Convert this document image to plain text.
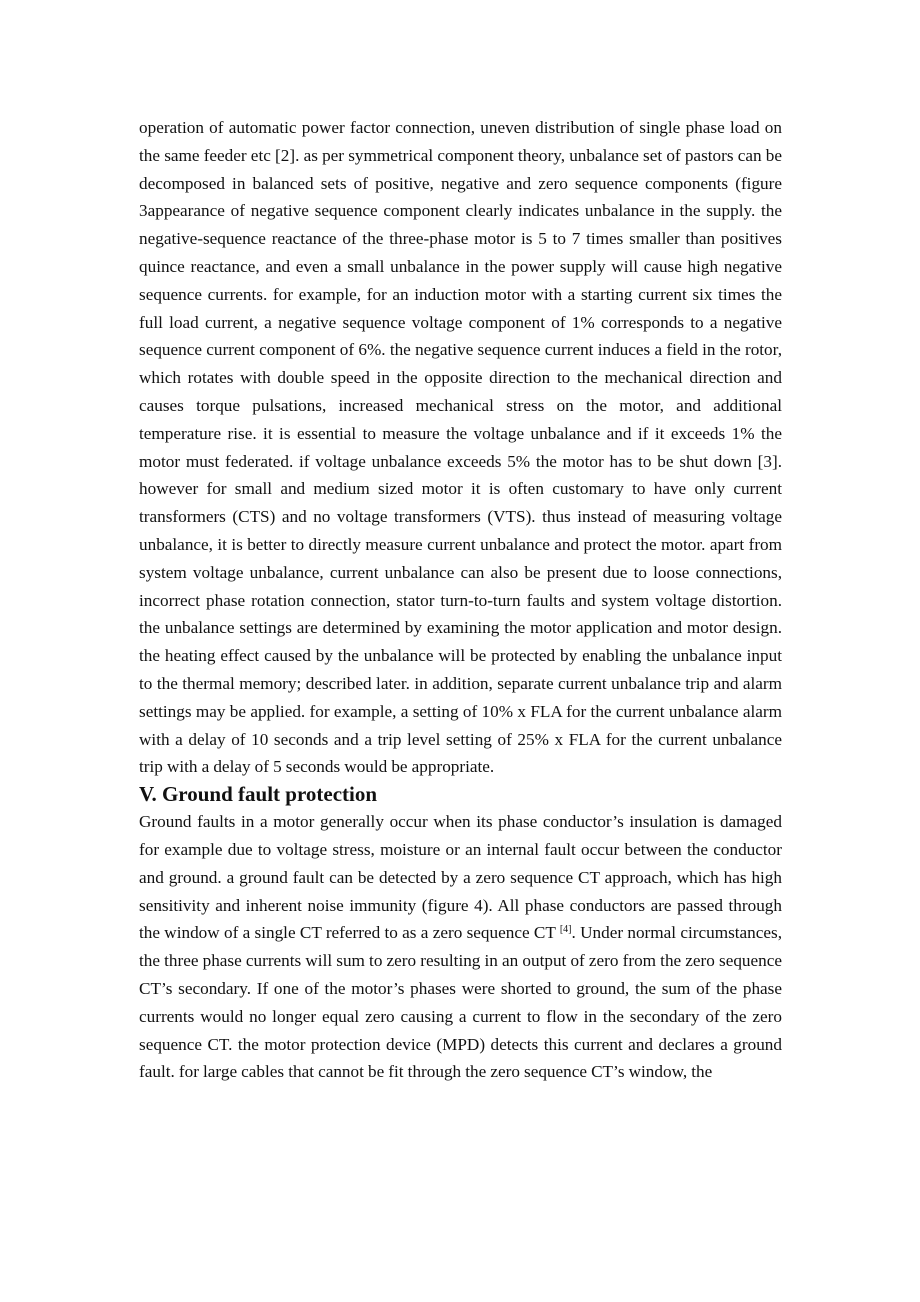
operation of automatic power factor connection, uneven distribution of single phase load on the same feeder etc [2]. as per symmetrical component theory, unbalance set of pastors can be decomposed in balanced sets of positive, negative and zero sequence components (figure 3appearance of negative sequence component clearly indicates unbalance in the supply. the negative-sequence reactance of the three-phase motor is 5 to 7 times smaller than positives quince reactance, and even a small unbalance in the power supply will cause high negative sequence currents. for example, for an induction motor with a starting current six times the full load current, a negative sequence voltage component of 1% corresponds to a negative sequence current component of 6%. the negative sequence current induces a field in the rotor, which rotates with double speed in the opposite direction to the mechanical direction and causes torque pulsations, increased mechanical stress on the motor, and additional temperature rise. it is essential to measure the voltage unbalance and if it exceeds 1% the motor must federated. if voltage unbalance exceeds 5% the motor has to be shut down [3]. however for small and medium sized motor it is often customary to have only current transformers (CTS) and no voltage transformers (VTS). thus instead of measuring voltage unbalance, it is better to directly measure current unbalance and protect the motor. apart from system voltage unbalance, current unbalance can also be present due to loose connections, incorrect phase rotation connection, stator turn-to-turn faults and system voltage distortion. the unbalance settings are determined by examining the motor application and motor design. the heating effect caused by the unbalance will be protected by enabling the unbalance input to the thermal memory; described later. in addition, separate current unbalance trip and alarm settings may be applied. for example, a setting of 10% x FLA for the current unbalance alarm with a delay of 10 seconds and a trip level setting of 25% x FLA for the current unbalance trip with a delay of 5 seconds would be appropriate.

V. Ground fault protection

Ground faults in a motor generally occur when its phase conductor’s insulation is damaged for example due to voltage stress, moisture or an internal fault occur between the conductor and ground. a ground fault can be detected by a zero sequence CT approach, which has high sensitivity and inherent noise immunity (figure 4). All phase conductors are passed through the window of a single CT referred to as a zero sequence CT [4]. Under normal circumstances, the three phase currents will sum to zero resulting in an output of zero from the zero sequence CT’s secondary. If one of the motor’s phases were shorted to ground, the sum of the phase currents would no longer equal zero causing a current to flow in the secondary of the zero sequence CT. the motor protection device (MPD) detects this current and declares a ground fault. for large cables that cannot be fit through the zero sequence CT’s window, the
